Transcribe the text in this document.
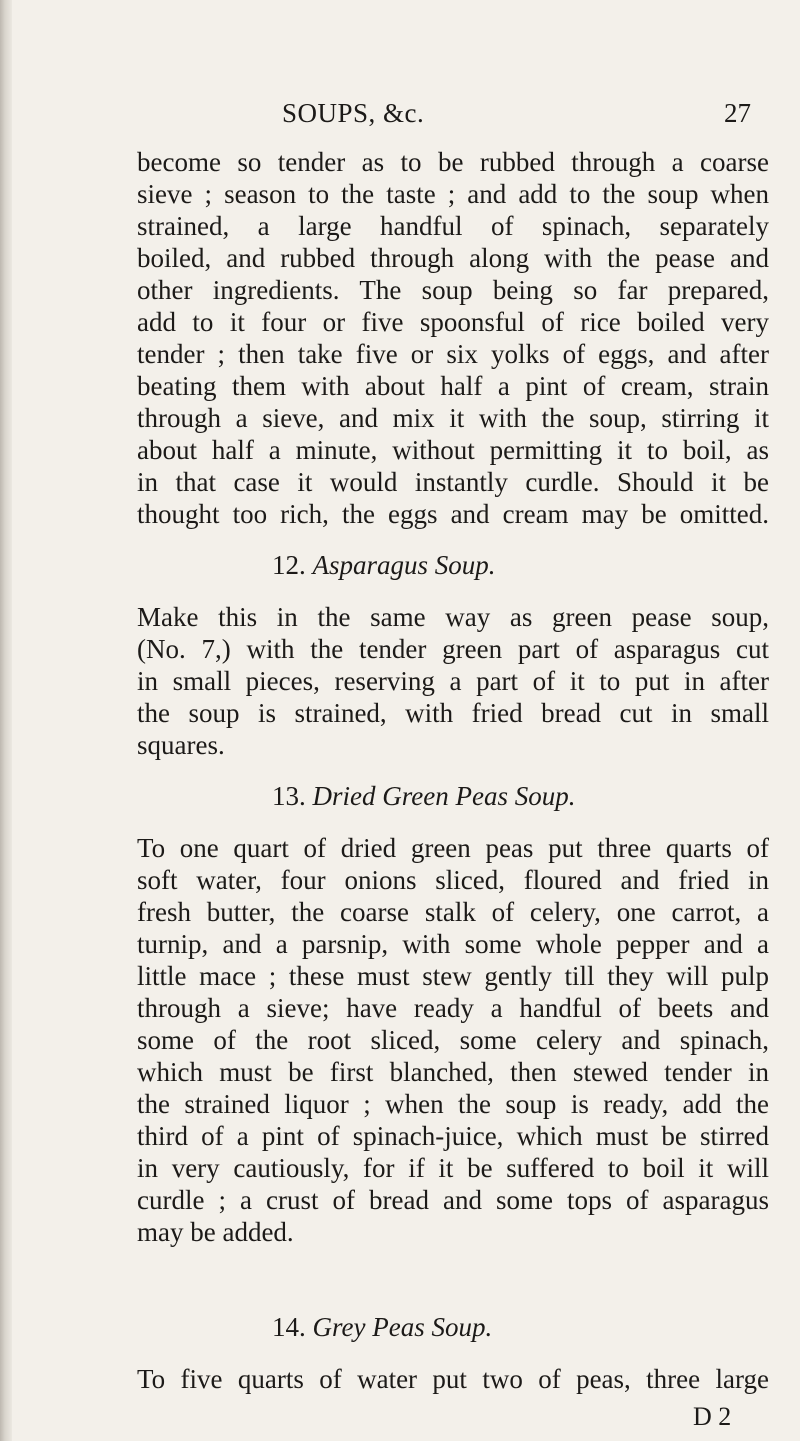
SOUPS, &c.	27
become so tender as to be rubbed through a coarse
sieve ; season to the taste ; and add to the soup when
strained, a large handful of spinach, separately
boiled, and rubbed through along with the pease and
other ingredients. The soup being so far prepared,
add to it four or five spoonsful of rice boiled very
tender ; then take five or six yolks of eggs, and after
beating them with about half a pint of cream, strain
through a sieve, and mix it with the soup, stirring it
about half a minute, without permitting it to boil, as
in that case it would instantly curdle. Should it be
thought too rich, the eggs and cream may be omitted.
12. Asparagus Soup.
Make this in the same way as green pease soup,
(No. 7,) with the tender green part of asparagus cut
in small pieces, reserving a part of it to put in after
the soup is strained, with fried bread cut in small
squares.
13. Dried Green Peas Soup.
To one quart of dried green peas put three quarts of
soft water, four onions sliced, floured and fried in
fresh butter, the coarse stalk of celery, one carrot, a
turnip, and a parsnip, with some whole pepper and a
little mace ; these must stew gently till they will pulp
through a sieve; have ready a handful of beets and
some of the root sliced, some celery and spinach,
which must be first blanched, then stewed tender in
the strained liquor ; when the soup is ready, add the
third of a pint of spinach-juice, which must be stirred
in very cautiously, for if it be suffered to boil it will
curdle ; a crust of bread and some tops of asparagus
may be added.
14. Grey Peas Soup.
To five quarts of water put two of peas, three large
D 2
